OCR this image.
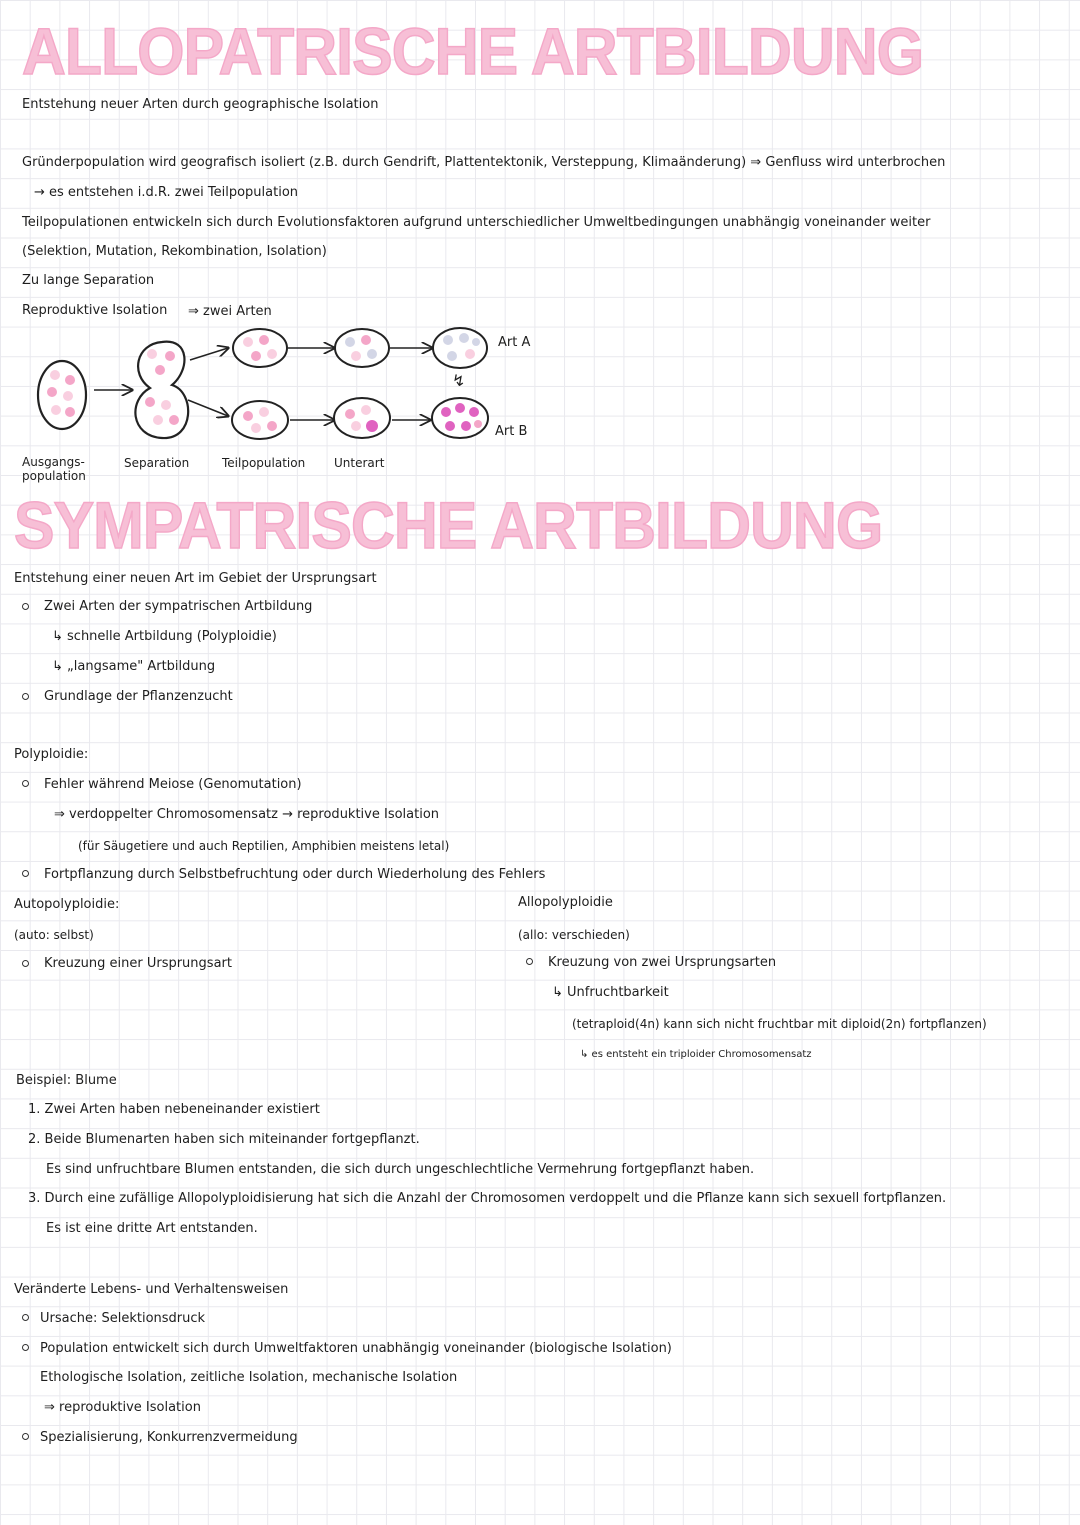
ALLOPATRISCHE ARTBILDUNG
Entstehung neuer Arten durch geographische Isolation
Gründerpopulation wird geografisch isoliert (z.B. durch Gendrift, Plattentektonik, Versteppung, Klimaänderung) ⇒ Genfluss wird unterbrochen
→ es entstehen i.d.R. zwei Teilpopulation
Teilpopulationen entwickeln sich durch Evolutionsfaktoren aufgrund unterschiedlicher Umweltbedingungen unabhängig voneinander weiter
(Selektion, Mutation, Rekombination, Isolation)
Zu lange Separation
Reproduktive Isolation ⇒ zwei Arten
↯
Art A
Art B
Ausgangs-
population
Separation	Teilpopulation Unterart
SYMPATRISCHE ARTBILDUNG
Entstehung einer neuen Art im Gebiet der Ursprungsart
Zwei Arten der sympatrischen Artbildung
↳ schnelle Artbildung (Polyploidie)
↳ „langsame" Artbildung
Grundlage der Pflanzenzucht
Polyploidie:
Fehler während Meiose (Genomutation)
⇒ verdoppelter Chromosomensatz → reproduktive Isolation
(für Säugetiere und auch Reptilien, Amphibien meistens letal)
Fortpflanzung durch Selbstbefruchtung oder durch Wiederholung des Fehlers
Autopolyploidie:
(auto: selbst)
Kreuzung einer Ursprungsart
Allopolyploidie
(allo: verschieden)
Kreuzung von zwei Ursprungsarten
↳ Unfruchtbarkeit
(tetraploid(4n) kann sich nicht fruchtbar mit diploid(2n) fortpflanzen)
↳ es entsteht ein triploider Chromosomensatz
Beispiel: Blume
1. Zwei Arten haben nebeneinander existiert
2. Beide Blumenarten haben sich miteinander fortgepflanzt.
Es sind unfruchtbare Blumen entstanden, die sich durch ungeschlechtliche Vermehrung fortgepflanzt haben.
3. Durch eine zufällige Allopolyploidisierung hat sich die Anzahl der Chromosomen verdoppelt und die Pflanze kann sich sexuell fortpflanzen.
Es ist eine dritte Art entstanden.
Veränderte Lebens- und Verhaltensweisen
Ursache: Selektionsdruck
Population entwickelt sich durch Umweltfaktoren unabhängig voneinander (biologische Isolation)
Ethologische Isolation, zeitliche Isolation, mechanische Isolation
⇒ reproduktive Isolation
Spezialisierung, Konkurrenzvermeidung
